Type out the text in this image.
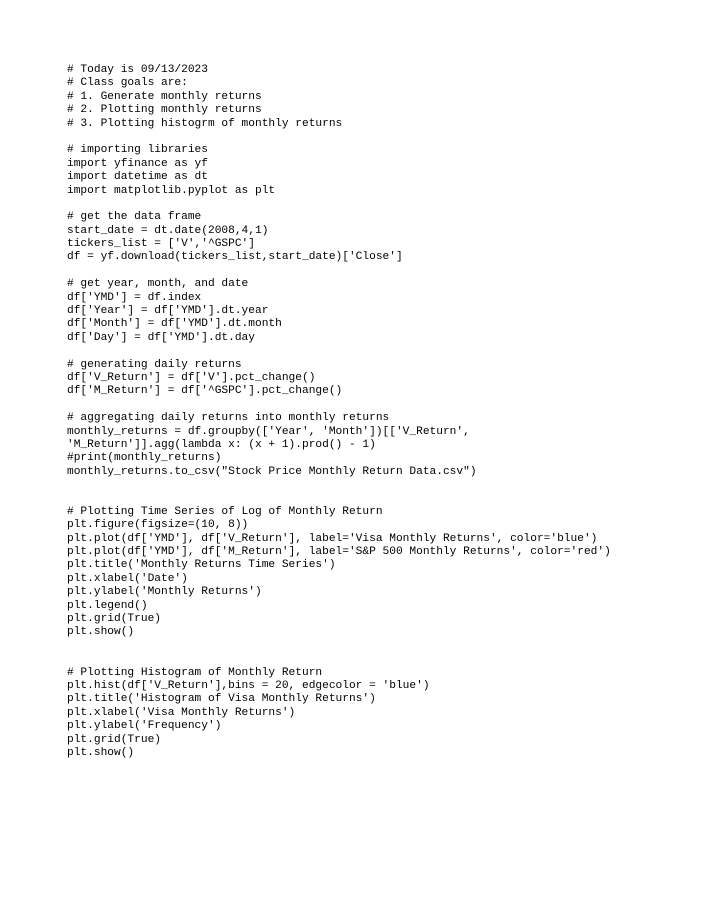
# Today is 09/13/2023
# Class goals are:
# 1. Generate monthly returns
# 2. Plotting monthly returns
# 3. Plotting histogrm of monthly returns
# importing libraries
import yfinance as yf
import datetime as dt
import matplotlib.pyplot as plt
# get the data frame
start_date = dt.date(2008,4,1)
tickers_list = ['V','^GSPC']
df = yf.download(tickers_list,start_date)['Close']
# get year, month, and date
df['YMD'] = df.index
df['Year'] = df['YMD'].dt.year
df['Month'] = df['YMD'].dt.month
df['Day'] = df['YMD'].dt.day
# generating daily returns
df['V_Return'] = df['V'].pct_change()
df['M_Return'] = df['^GSPC'].pct_change()
# aggregating daily returns into monthly returns
monthly_returns = df.groupby(['Year', 'Month'])[['V_Return',
'M_Return']].agg(lambda x: (x + 1).prod() - 1)
#print(monthly_returns)
monthly_returns.to_csv("Stock Price Monthly Return Data.csv")
# Plotting Time Series of Log of Monthly Return
plt.figure(figsize=(10, 8))
plt.plot(df['YMD'], df['V_Return'], label='Visa Monthly Returns', color='blue')
plt.plot(df['YMD'], df['M_Return'], label='S&P 500 Monthly Returns', color='red')
plt.title('Monthly Returns Time Series')
plt.xlabel('Date')
plt.ylabel('Monthly Returns')
plt.legend()
plt.grid(True)
plt.show()
# Plotting Histogram of Monthly Return
plt.hist(df['V_Return'],bins = 20, edgecolor = 'blue')
plt.title('Histogram of Visa Monthly Returns')
plt.xlabel('Visa Monthly Returns')
plt.ylabel('Frequency')
plt.grid(True)
plt.show()
